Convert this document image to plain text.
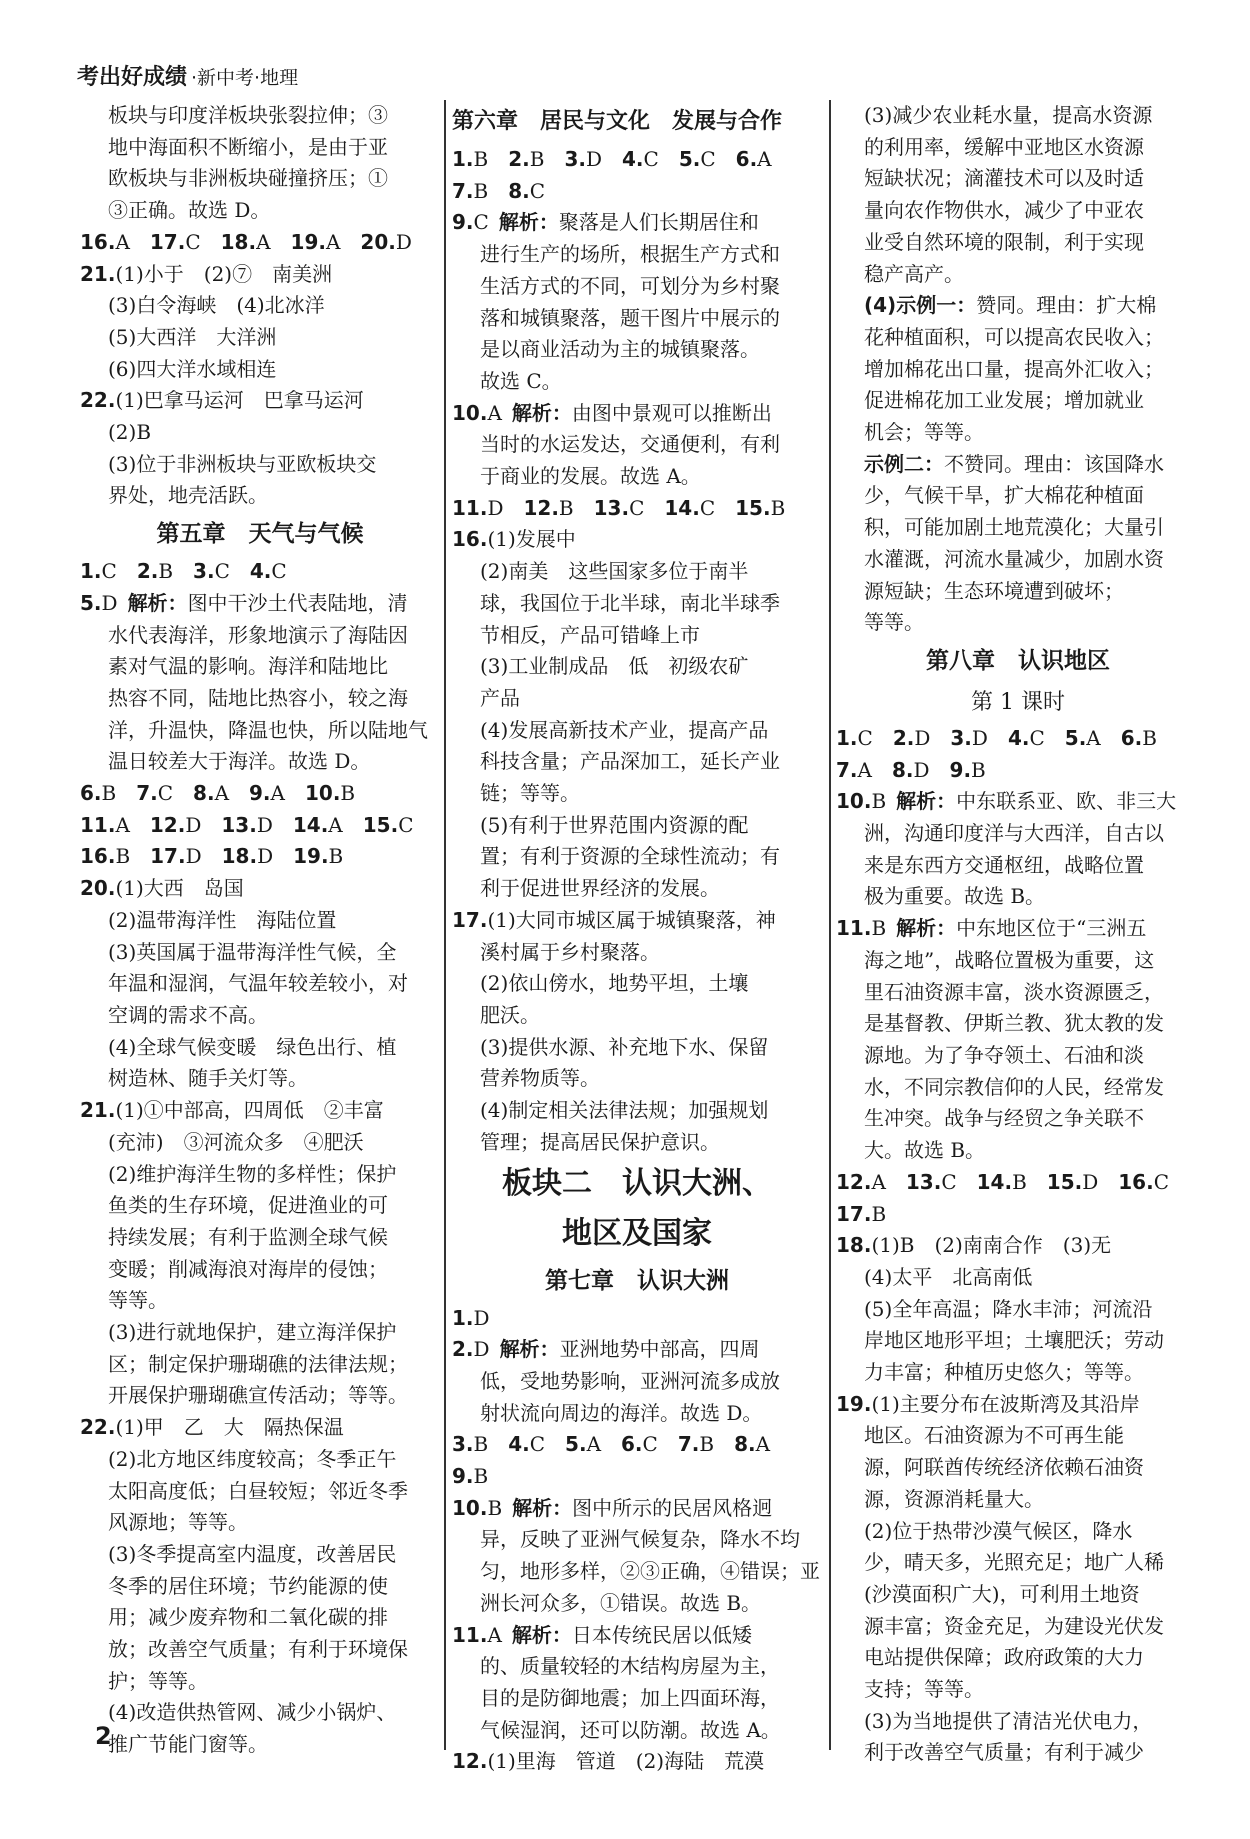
考出好成绩 ·新中考·地理
板块与印度洋板块张裂拉伸；③
地中海面积不断缩小，是由于亚
欧板块与非洲板块碰撞挤压；①
③正确。故选 D。
16.A  17.C  18.A  19.A  20.D
21.(1)小于　(2)⑦　南美洲
(3)白令海峡　(4)北冰洋
(5)大西洋　大洋洲
(6)四大洋水域相连
22.(1)巴拿马运河　巴拿马运河
(2)B
(3)位于非洲板块与亚欧板块交
界处，地壳活跃。
第五章　天气与气候
1.C  2.B  3.C  4.C
5.D  解析：图中干沙土代表陆地，清
水代表海洋，形象地演示了海陆因
素对气温的影响。海洋和陆地比
热容不同，陆地比热容小，较之海
洋，升温快，降温也快，所以陆地气
温日较差大于海洋。故选 D。
6.B  7.C  8.A  9.A  10.B
11.A  12.D  13.D  14.A  15.C
16.B  17.D  18.D  19.B
20.(1)大西　岛国
(2)温带海洋性　海陆位置
(3)英国属于温带海洋性气候，全
年温和湿润，气温年较差较小，对
空调的需求不高。
(4)全球气候变暖　绿色出行、植
树造林、随手关灯等。
21.(1)①中部高，四周低　②丰富
(充沛)　③河流众多　④肥沃
(2)维护海洋生物的多样性；保护
鱼类的生存环境，促进渔业的可
持续发展；有利于监测全球气候
变暖；削减海浪对海岸的侵蚀；
等等。
(3)进行就地保护，建立海洋保护
区；制定保护珊瑚礁的法律法规；
开展保护珊瑚礁宣传活动；等等。
22.(1)甲　乙　大　隔热保温
(2)北方地区纬度较高；冬季正午
太阳高度低；白昼较短；邻近冬季
风源地；等等。
(3)冬季提高室内温度，改善居民
冬季的居住环境；节约能源的使
用；减少废弃物和二氧化碳的排
放；改善空气质量；有利于环境保
护；等等。
(4)改造供热管网、减少小锅炉、
推广节能门窗等。
第六章　居民与文化　发展与合作
1.B  2.B  3.D  4.C  5.C  6.A
7.B  8.C
9.C  解析：聚落是人们长期居住和
进行生产的场所，根据生产方式和
生活方式的不同，可划分为乡村聚
落和城镇聚落，题干图片中展示的
是以商业活动为主的城镇聚落。
故选 C。
10.A  解析：由图中景观可以推断出
当时的水运发达，交通便利，有利
于商业的发展。故选 A。
11.D  12.B  13.C  14.C  15.B
16.(1)发展中
(2)南美　这些国家多位于南半
球，我国位于北半球，南北半球季
节相反，产品可错峰上市
(3)工业制成品　低　初级农矿
产品
(4)发展高新技术产业，提高产品
科技含量；产品深加工，延长产业
链；等等。
(5)有利于世界范围内资源的配
置；有利于资源的全球性流动；有
利于促进世界经济的发展。
17.(1)大同市城区属于城镇聚落，神
溪村属于乡村聚落。
(2)依山傍水，地势平坦，土壤
肥沃。
(3)提供水源、补充地下水、保留
营养物质等。
(4)制定相关法律法规；加强规划
管理；提高居民保护意识。
板块二　认识大洲、
地区及国家
第七章　认识大洲
1.D
2.D  解析：亚洲地势中部高，四周
低，受地势影响，亚洲河流多成放
射状流向周边的海洋。故选 D。
3.B  4.C  5.A  6.C  7.B  8.A
9.B
10.B  解析：图中所示的民居风格迥
异，反映了亚洲气候复杂，降水不均
匀，地形多样，②③正确，④错误；亚
洲长河众多，①错误。故选 B。
11.A  解析：日本传统民居以低矮
的、质量较轻的木结构房屋为主，
目的是防御地震；加上四面环海，
气候湿润，还可以防潮。故选 A。
12.(1)里海　管道　(2)海陆　荒漠
(3)减少农业耗水量，提高水资源
的利用率，缓解中亚地区水资源
短缺状况；滴灌技术可以及时适
量向农作物供水，减少了中亚农
业受自然环境的限制，利于实现
稳产高产。
(4)示例一：赞同。理由：扩大棉
花种植面积，可以提高农民收入；
增加棉花出口量，提高外汇收入；
促进棉花加工业发展；增加就业
机会；等等。
示例二：不赞同。理由：该国降水
少，气候干旱，扩大棉花种植面
积，可能加剧土地荒漠化；大量引
水灌溉，河流水量减少，加剧水资
源短缺；生态环境遭到破坏；
等等。
第八章　认识地区
第 1 课时
1.C  2.D  3.D  4.C  5.A  6.B
7.A  8.D  9.B
10.B  解析：中东联系亚、欧、非三大
洲，沟通印度洋与大西洋，自古以
来是东西方交通枢纽，战略位置
极为重要。故选 B。
11.B  解析：中东地区位于“三洲五
海之地”，战略位置极为重要，这
里石油资源丰富，淡水资源匮乏，
是基督教、伊斯兰教、犹太教的发
源地。为了争夺领土、石油和淡
水，不同宗教信仰的人民，经常发
生冲突。战争与经贸之争关联不
大。故选 B。
12.A  13.C  14.B  15.D  16.C
17.B
18.(1)B　(2)南南合作　(3)无
(4)太平　北高南低
(5)全年高温；降水丰沛；河流沿
岸地区地形平坦；土壤肥沃；劳动
力丰富；种植历史悠久；等等。
19.(1)主要分布在波斯湾及其沿岸
地区。石油资源为不可再生能
源，阿联酋传统经济依赖石油资
源，资源消耗量大。
(2)位于热带沙漠气候区，降水
少，晴天多，光照充足；地广人稀
(沙漠面积广大)，可利用土地资
源丰富；资金充足，为建设光伏发
电站提供保障；政府政策的大力
支持；等等。
(3)为当地提供了清洁光伏电力，
利于改善空气质量；有利于减少
2
